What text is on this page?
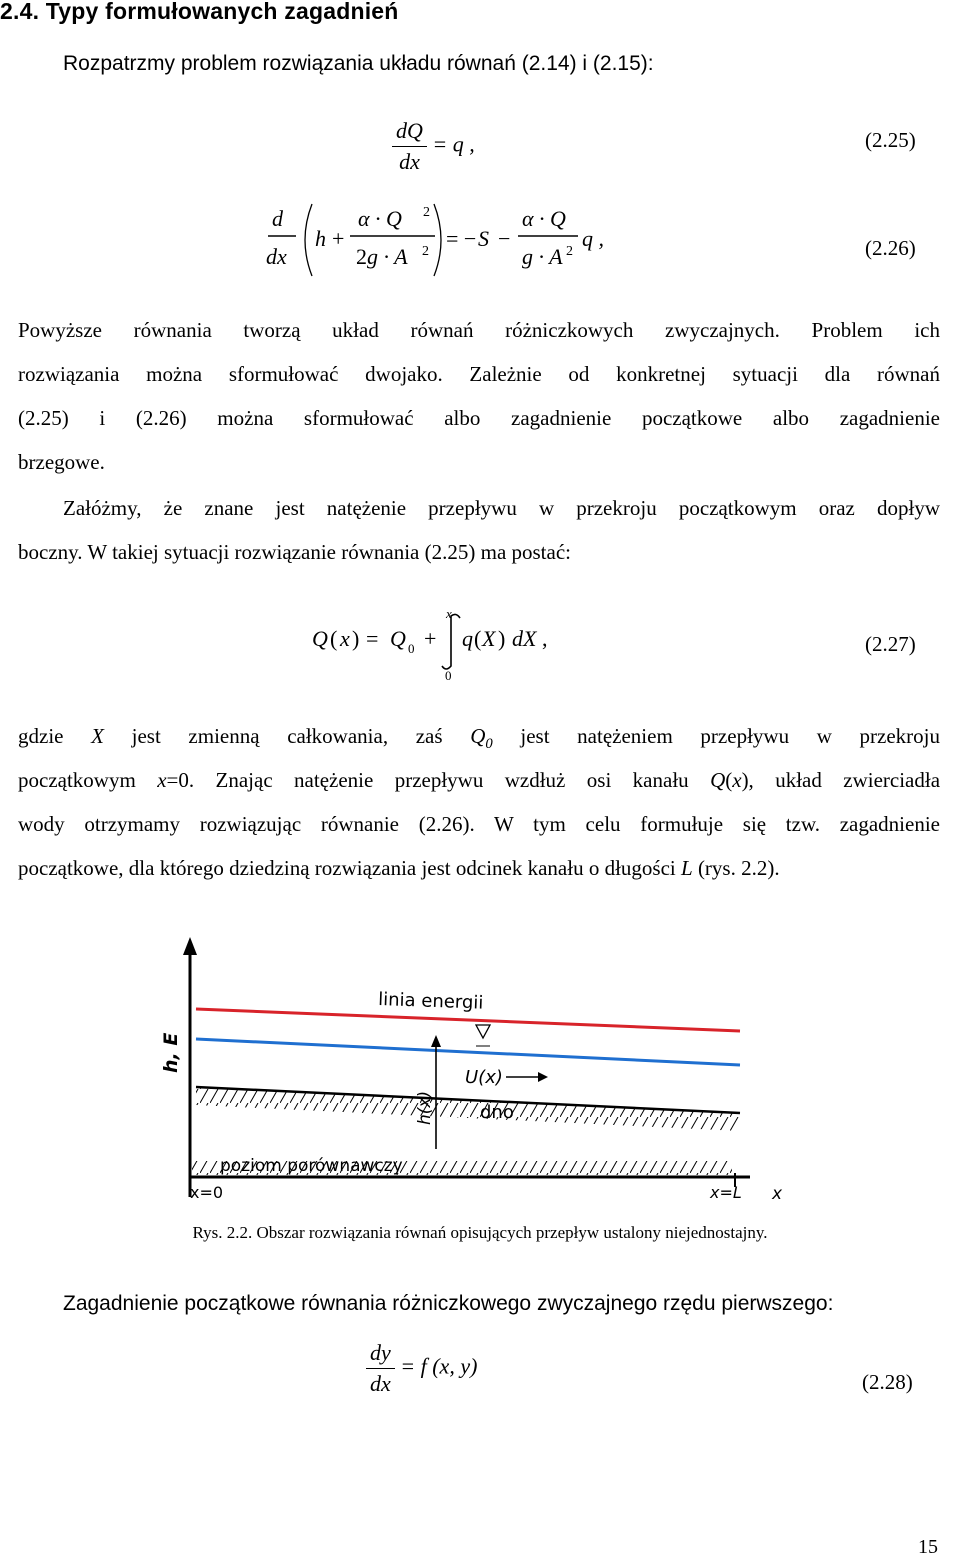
2.4. Typy formułowanych zagadnień
Rozpatrzmy problem rozwiązania układu równań (2.14) i (2.15):
$\frac{dQ}{dx} = q$ ,	(2.25)
d
dx
h +
α · Q 2
2g · A 2
= − S −
α · Q
g · A 2
q ,	(2.26)
Powyższe równania tworzą układ równań różniczkowych zwyczajnych. Problem ich
rozwiązania można sformułować dwojako. Zależnie od konkretnej sytuacji dla równań
(2.25) i (2.26) można sformułować albo zagadnienie początkowe albo zagadnienie
brzegowe.
Załóżmy, że znane jest natężenie przepływu w przekroju początkowym oraz dopływ
boczny. W takiej sytuacji rozwiązanie równania (2.25) ma postać:
Q ( x ) = Q 0 +
x
0
q ( X ) dX ,	(2.27)
gdzie X jest zmienną całkowania, zaś $Q_0$ jest natężeniem przepływu w przekroju
początkowym x=0. Znając natężenie przepływu wzdłuż osi kanału Q(x), układ zwierciadła
wody otrzymamy rozwiązując równanie (2.26). W tym celu formułuje się tzw. zagadnienie
początkowe, dla którego dziedziną rozwiązania jest odcinek kanału o długości L (rys. 2.2).
h, E
poziom porównawczy
linia energii
dno
h(x)
U(x)
x=0	x=L x
Rys. 2.2. Obszar rozwiązania równań opisujących przepływ ustalony niejednostajny.
Zagadnienie początkowe równania różniczkowego zwyczajnego rzędu pierwszego:
$\frac{dy}{dx} = f$ (x, y)
(2.28)
15
